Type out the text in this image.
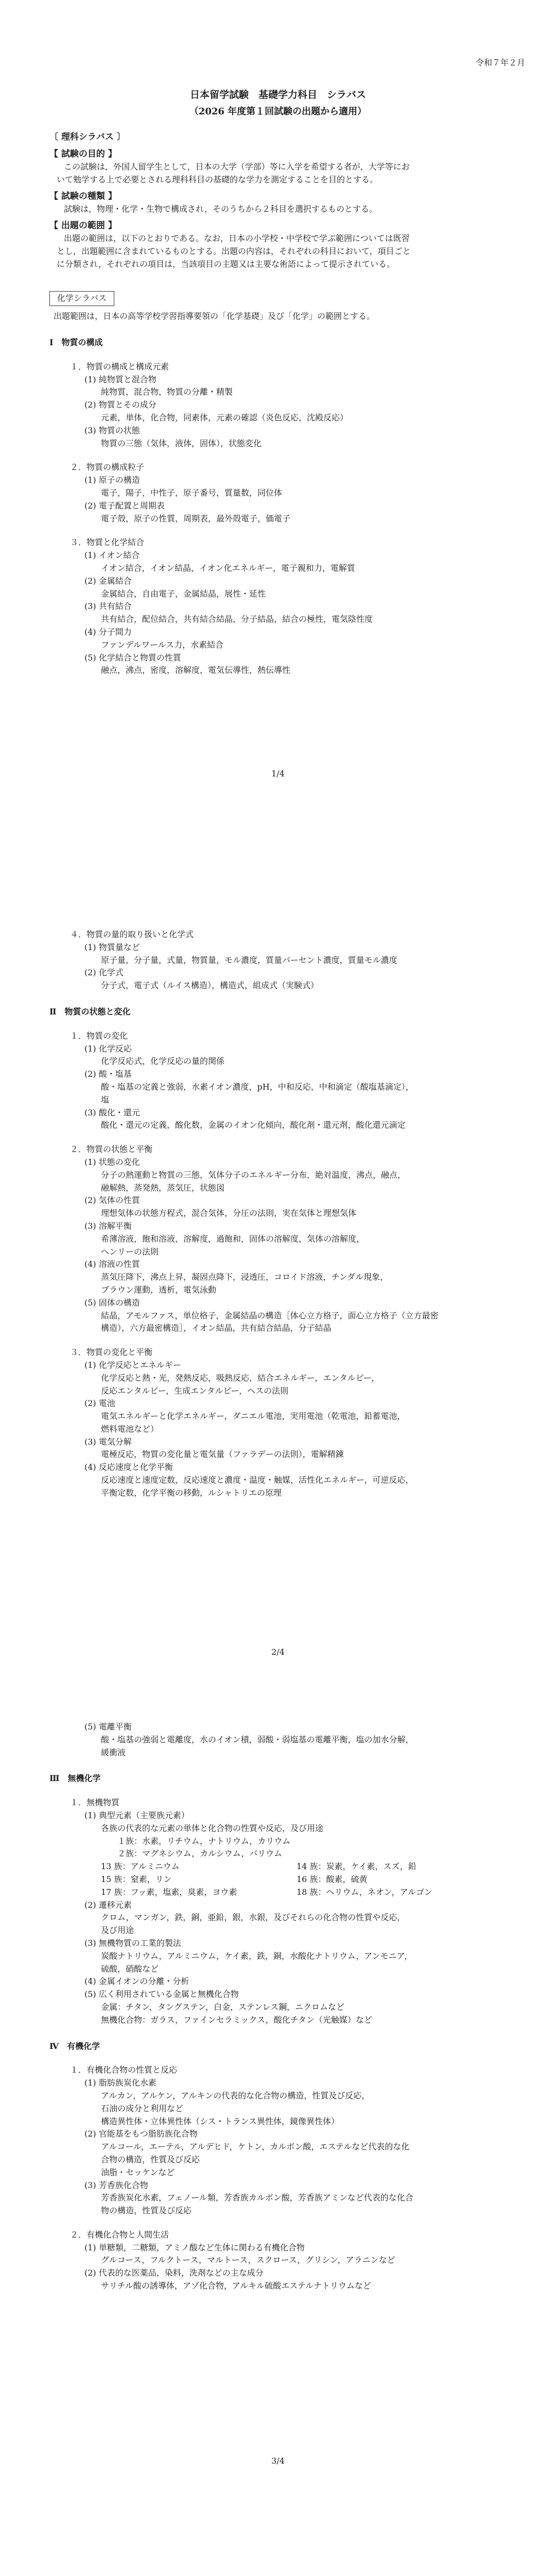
令和７年２月
日本留学試験　基礎学力科目　シラバス
（2026 年度第１回試験の出題から適用）
〔 理科シラバス 〕
【 試験の目的 】
この試験は，外国人留学生として，日本の大学（学部）等に入学を希望する者が，大学等にお
いて勉学する上で必要とされる理科科目の基礎的な学力を測定することを目的とする。
【 試験の種類 】
試験は，物理・化学・生物で構成され，そのうちから２科目を選択するものとする。
【 出題の範囲 】
出題の範囲は，以下のとおりである。なお，日本の小学校・中学校で学ぶ範囲については既習
とし，出題範囲に含まれているものとする。出題の内容は，それぞれの科目において，項目ごと
に分類され，それぞれの項目は，当該項目の主題又は主要な術語によって提示されている。
化学シラバス
出題範囲は，日本の高等学校学習指導要領の「化学基礎」及び「化学」の範囲とする。
Ⅰ　物質の構成
１．物質の構成と構成元素
(1) 純物質と混合物
純物質，混合物，物質の分離・精製
(2) 物質とその成分
元素，単体，化合物，同素体，元素の確認（炎色反応，沈殿反応）
(3) 物質の状態
物質の三態（気体，液体，固体），状態変化
２．物質の構成粒子
(1) 原子の構造
電子，陽子，中性子，原子番号，質量数，同位体
(2) 電子配置と周期表
電子殻，原子の性質，周期表，最外殻電子，価電子
３．物質と化学結合
(1) イオン結合
イオン結合，イオン結晶，イオン化エネルギー，電子親和力，電解質
(2) 金属結合
金属結合，自由電子，金属結晶，展性・延性
(3) 共有結合
共有結合，配位結合，共有結合結晶，分子結晶，結合の極性，電気陰性度
(4) 分子間力
ファンデルワールス力，水素結合
(5) 化学結合と物質の性質
融点，沸点，密度，溶解度，電気伝導性，熱伝導性
1/4
４．物質の量的取り扱いと化学式
(1) 物質量など
原子量，分子量，式量，物質量，モル濃度，質量パーセント濃度，質量モル濃度
(2) 化学式
分子式，電子式（ルイス構造），構造式，組成式（実験式）
Ⅱ　物質の状態と変化
１．物質の変化
(1) 化学反応
化学反応式，化学反応の量的関係
(2) 酸・塩基
酸・塩基の定義と強弱，水素イオン濃度，pH，中和反応，中和滴定（酸塩基滴定），
塩
(3) 酸化・還元
酸化・還元の定義，酸化数，金属のイオン化傾向，酸化剤・還元剤，酸化還元滴定
２．物質の状態と平衡
(1) 状態の変化
分子の熱運動と物質の三態，気体分子のエネルギー分布，絶対温度，沸点，融点，
融解熱，蒸発熱，蒸気圧，状態図
(2) 気体の性質
理想気体の状態方程式，混合気体，分圧の法則，実在気体と理想気体
(3) 溶解平衡
希薄溶液，飽和溶液，溶解度，過飽和，固体の溶解度，気体の溶解度，
ヘンリーの法則
(4) 溶液の性質
蒸気圧降下，沸点上昇，凝固点降下，浸透圧，コロイド溶液，チンダル現象，
ブラウン運動，透析，電気泳動
(5) 固体の構造
結晶，アモルファス，単位格子，金属結晶の構造［体心立方格子，面心立方格子（立方最密
構造），六方最密構造］，イオン結晶，共有結合結晶，分子結晶
３．物質の変化と平衡
(1) 化学反応とエネルギー
化学反応と熱・光，発熱反応，吸熱反応，結合エネルギー，エンタルピー，
反応エンタルピー，生成エンタルピー，ヘスの法則
(2) 電池
電気エネルギーと化学エネルギー，ダニエル電池，実用電池（乾電池，鉛蓄電池，
燃料電池など）
(3) 電気分解
電極反応，物質の変化量と電気量（ファラデーの法則），電解精錬
(4) 反応速度と化学平衡
反応速度と速度定数，反応速度と濃度・温度・触媒，活性化エネルギー，可逆反応，
平衡定数，化学平衡の移動，ルシャトリエの原理
2/4
(5) 電離平衡
酸・塩基の強弱と電離度，水のイオン積，弱酸・弱塩基の電離平衡，塩の加水分解，
緩衝液
Ⅲ　無機化学
１．無機物質
(1) 典型元素（主要族元素）
各族の代表的な元素の単体と化合物の性質や反応，及び用途
１族：水素，リチウム，ナトリウム，カリウム
２族：マグネシウム，カルシウム，バリウム
13 族：アルミニウム	14 族：炭素，ケイ素，スズ，鉛
15 族：窒素，リン	16 族：酸素，硫黄
17 族：フッ素，塩素，臭素，ヨウ素	18 族：ヘリウム，ネオン，アルゴン
(2) 遷移元素
クロム，マンガン，鉄，銅，亜鉛，銀，水銀，及びそれらの化合物の性質や反応，
及び用途
(3) 無機物質の工業的製法
炭酸ナトリウム，アルミニウム，ケイ素，鉄，銅，水酸化ナトリウム，アンモニア，
硫酸，硝酸など
(4) 金属イオンの分離・分析
(5) 広く利用されている金属と無機化合物
金属：チタン，タングステン，白金，ステンレス鋼，ニクロムなど
無機化合物：ガラス，ファインセラミックス，酸化チタン（光触媒）など
Ⅳ　有機化学
１．有機化合物の性質と反応
(1) 脂肪族炭化水素
アルカン，アルケン，アルキンの代表的な化合物の構造，性質及び反応，
石油の成分と利用など
構造異性体・立体異性体（シス・トランス異性体，鏡像異性体）
(2) 官能基をもつ脂肪族化合物
アルコール，エーテル，アルデヒド，ケトン，カルボン酸，エステルなど代表的な化
合物の構造，性質及び反応
油脂・セッケンなど
(3) 芳香族化合物
芳香族炭化水素，フェノール類，芳香族カルボン酸，芳香族アミンなど代表的な化合
物の構造，性質及び反応
２．有機化合物と人間生活
(1) 単糖類，二糖類，アミノ酸など生体に関わる有機化合物
グルコース，フルクトース，マルトース，スクロース，グリシン，アラニンなど
(2) 代表的な医薬品，染料，洗剤などの主な成分
サリチル酸の誘導体，アゾ化合物，アルキル硫酸エステルナトリウムなど
3/4
